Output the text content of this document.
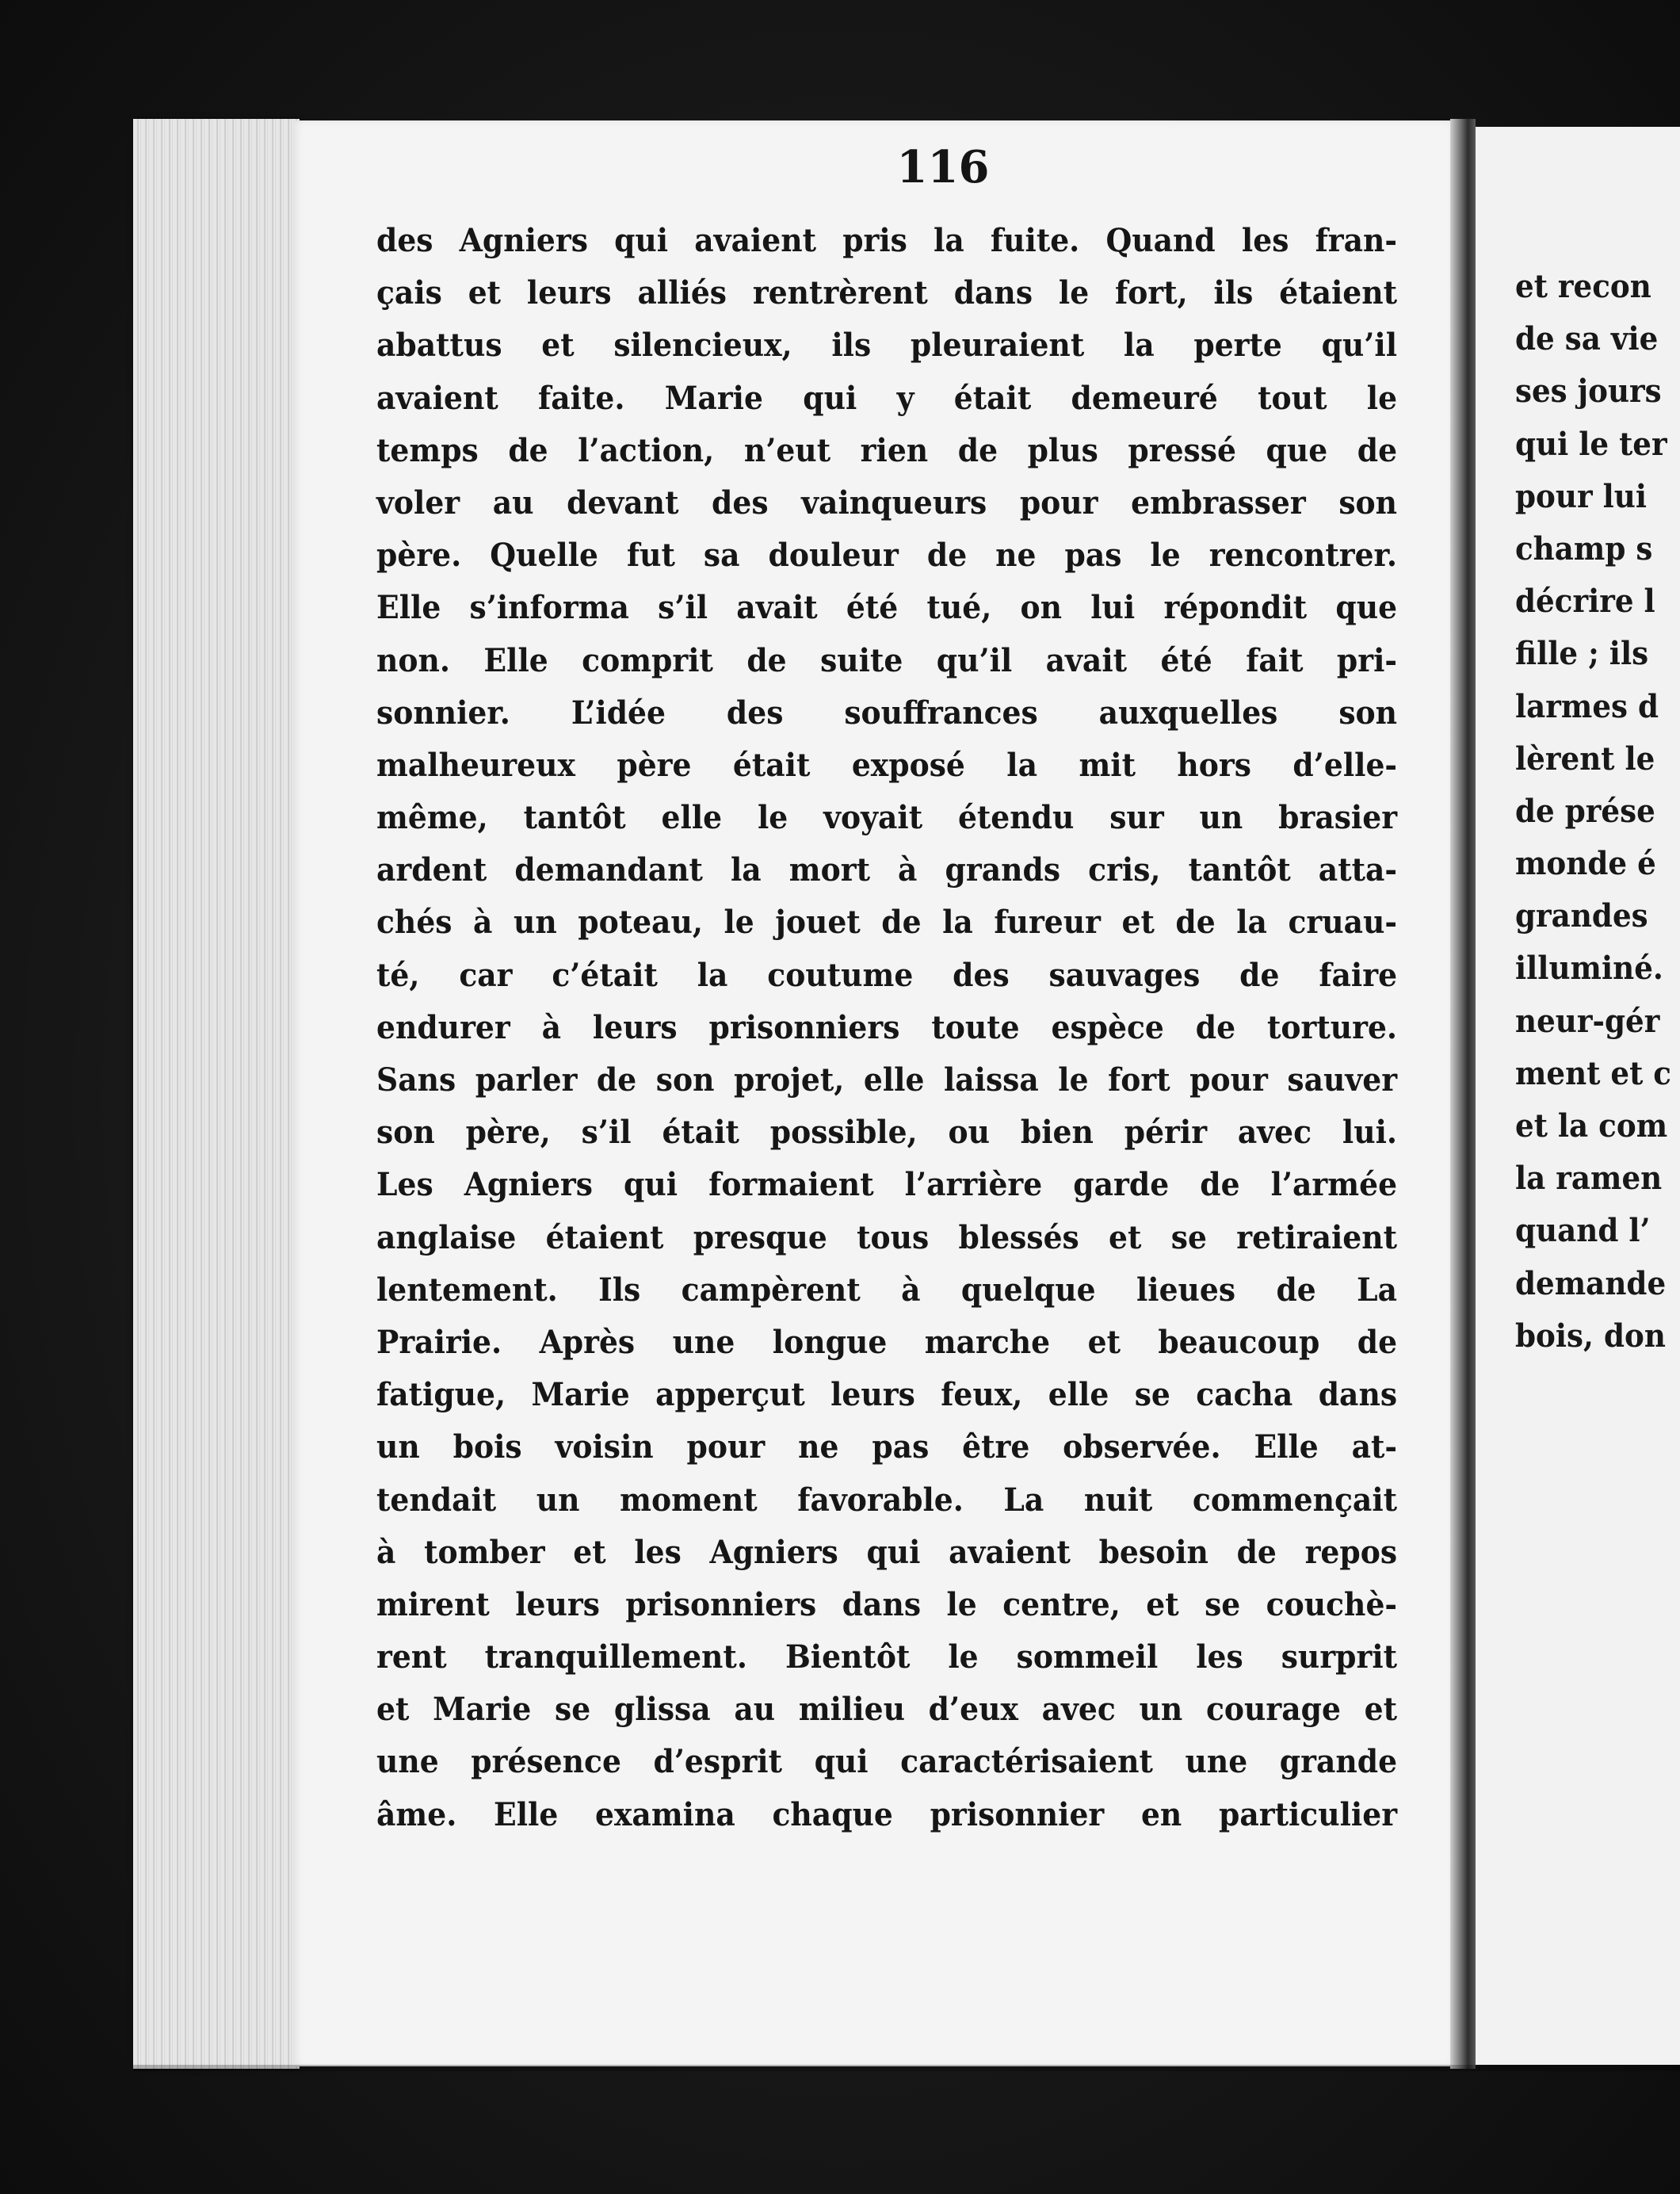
116
des Agniers qui avaient pris la fuite. Quand les fran-
çais et leurs alliés rentrèrent dans le fort, ils étaient
abattus et silencieux, ils pleuraient la perte qu’il
avaient faite. Marie qui y était demeuré tout le
temps de l’action, n’eut rien de plus pressé que de
voler au devant des vainqueurs pour embrasser son
père. Quelle fut sa douleur de ne pas le rencontrer.
Elle s’informa s’il avait été tué, on lui répondit que
non. Elle comprit de suite qu’il avait été fait pri-
sonnier. L’idée des souffrances auxquelles son
malheureux père était exposé la mit hors d’elle-
même, tantôt elle le voyait étendu sur un brasier
ardent demandant la mort à grands cris, tantôt atta-
chés à un poteau, le jouet de la fureur et de la cruau-
té, car c’était la coutume des sauvages de faire
endurer à leurs prisonniers toute espèce de torture.
Sans parler de son projet, elle laissa le fort pour sauver
son père, s’il était possible, ou bien périr avec lui.
Les Agniers qui formaient l’arrière garde de l’armée
anglaise étaient presque tous blessés et se retiraient
lentement. Ils campèrent à quelque lieues de La
Prairie. Après une longue marche et beaucoup de
fatigue, Marie apperçut leurs feux, elle se cacha dans
un bois voisin pour ne pas être observée. Elle at-
tendait un moment favorable. La nuit commençait
à tomber et les Agniers qui avaient besoin de repos
mirent leurs prisonniers dans le centre, et se couchè-
rent tranquillement. Bientôt le sommeil les surprit
et Marie se glissa au milieu d’eux avec un courage et
une présence d’esprit qui caractérisaient une grande
âme. Elle examina chaque prisonnier en particulier
et recon
de sa vie
ses jours
qui le ter
pour lui
champ s
décrire l
fille ; ils
larmes d
lèrent le
de prése
monde é
grandes
illuminé.
neur-gér
ment et c
et la com
la ramen
quand l’
demande
bois, don
